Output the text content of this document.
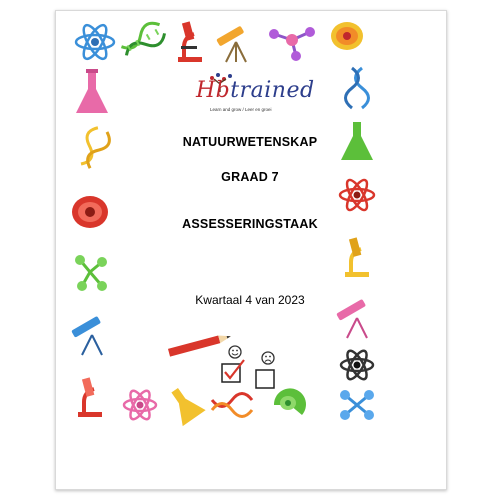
Hbtrained
Learn and grow / Leer en groei
NATUURWETENSKAP
GRAAD 7
ASSESSERINGSTAAK
Kwartaal 4 van 2023
